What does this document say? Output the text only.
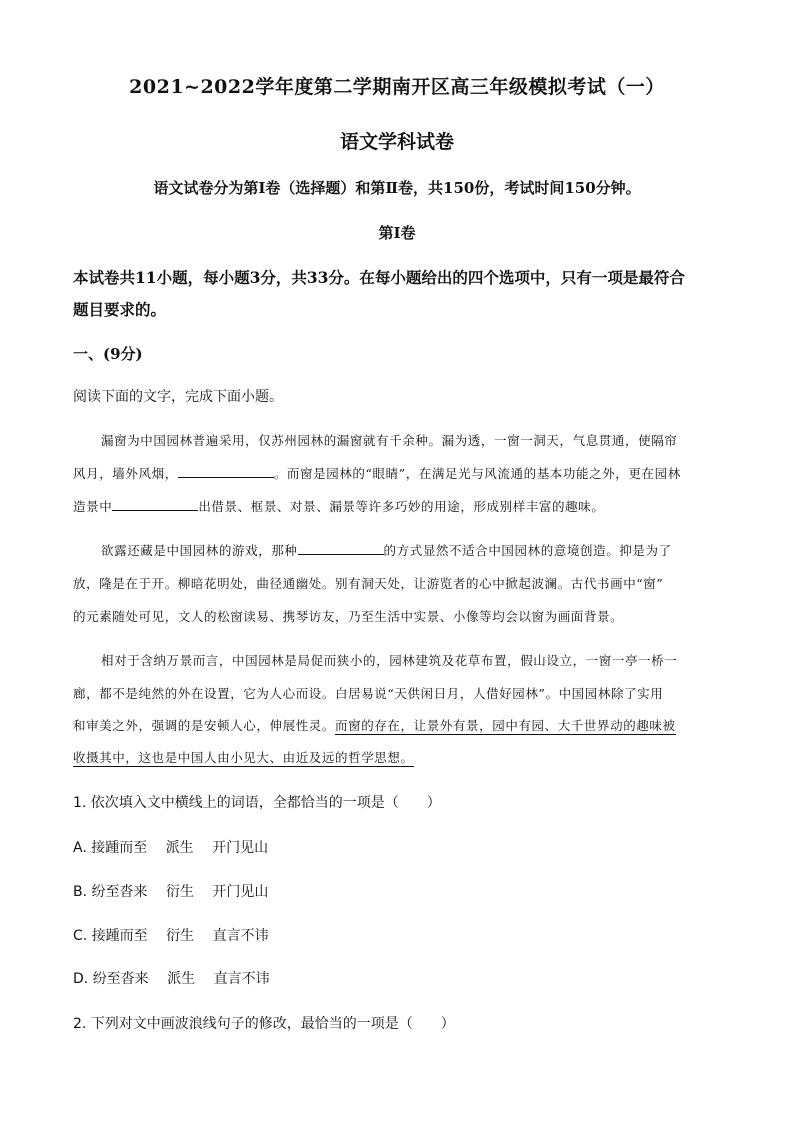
2021~2022学年度第二学期南开区高三年级模拟考试（一）
语文学科试卷
语文试卷分为第Ⅰ卷（选择题）和第Ⅱ卷，共150份，考试时间150分钟。
第Ⅰ卷
本试卷共11小题，每小题3分，共33分。在每小题给出的四个选项中，只有一项是最符合
题目要求的。
一、(9分)
阅读下面的文字，完成下面小题。
漏窗为中国园林普遍采用，仅苏州园林的漏窗就有千余种。漏为透，一窗一洞天，气息贯通，使隔帘
风月，墙外风烟，	。而窗是园林的“眼睛”，在满足光与风流通的基本功能之外，更在园林
造景中	出借景、框景、对景、漏景等许多巧妙的用途，形成别样丰富的趣味。
欲露还藏是中国园林的游戏，那种	的方式显然不适合中国园林的意境创造。抑是为了
放，隆是在于开。柳暗花明处，曲径通幽处。别有洞天处，让游览者的心中掀起波澜。古代书画中“窗”
的元素随处可见，文人的松窗读易、携琴访友，乃至生活中实景、小像等均会以窗为画面背景。
相对于含纳万景而言，中国园林是局促而狭小的，园林建筑及花草布置，假山设立，一窗一亭一桥一
廊，都不是纯然的外在设置，它为人心而设。白居易说“天供闲日月，人借好园林”。中国园林除了实用
和审美之外，强调的是安顿人心，伸展性灵。而窗的存在，让景外有景，园中有园、大千世界动的趣味被
收摄其中，这也是中国人由小见大、由近及远的哲学思想。
1. 依次填入文中横线上的词语，全都恰当的一项是（　　）
A. 接踵而至 派生 开门见山
B. 纷至沓来 衍生 开门见山
C. 接踵而至 衍生 直言不讳
D. 纷至沓来 派生 直言不讳
2. 下列对文中画波浪线句子的修改，最恰当的一项是（　　）
